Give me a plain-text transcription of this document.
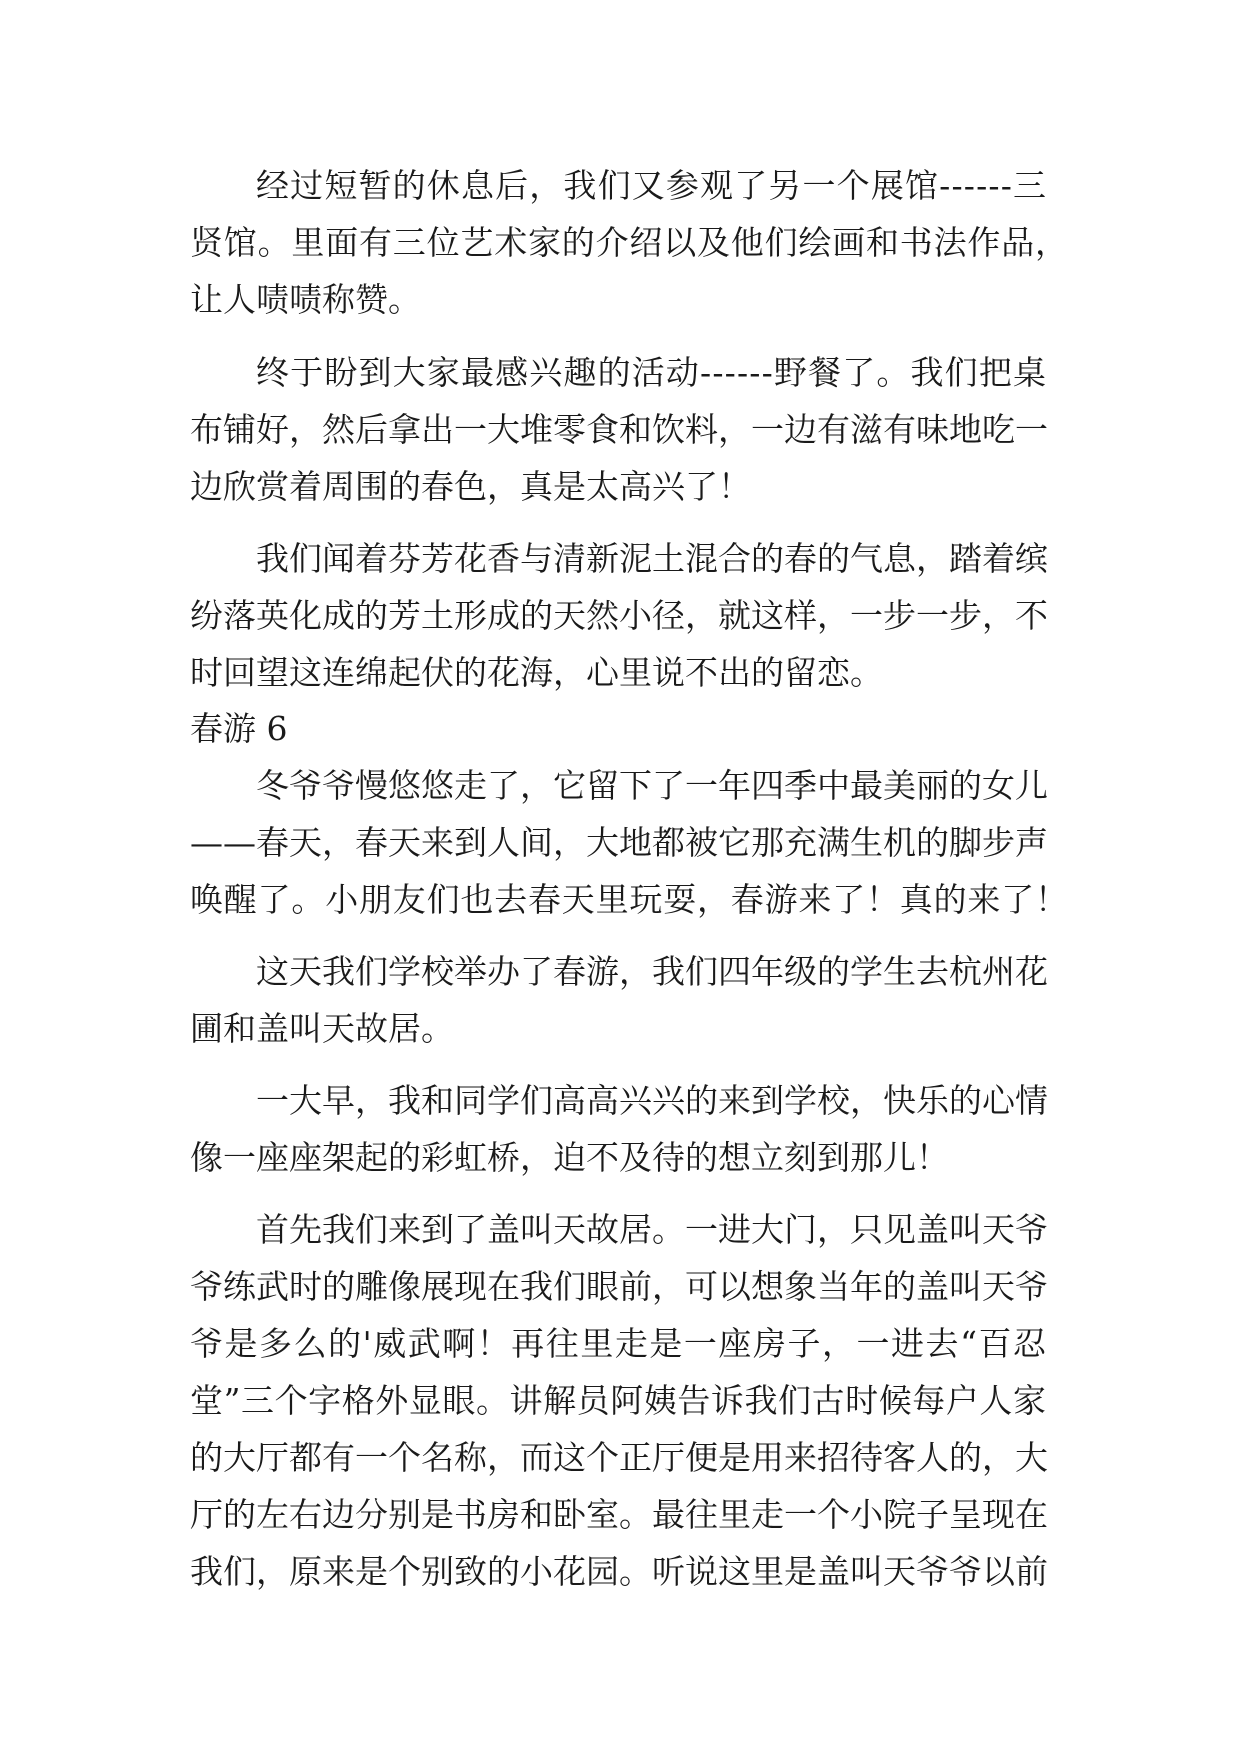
经过短暂的休息后，我们又参观了另一个展馆------三
贤馆。里面有三位艺术家的介绍以及他们绘画和书法作品，
让人啧啧称赞。
终于盼到大家最感兴趣的活动------野餐了。我们把桌
布铺好，然后拿出一大堆零食和饮料，一边有滋有味地吃一
边欣赏着周围的春色，真是太高兴了！
我们闻着芬芳花香与清新泥土混合的春的气息，踏着缤
纷落英化成的芳土形成的天然小径，就这样，一步一步，不
时回望这连绵起伏的花海，心里说不出的留恋。
春游 6
冬爷爷慢悠悠走了，它留下了一年四季中最美丽的女儿
——春天，春天来到人间，大地都被它那充满生机的脚步声
唤醒了。小朋友们也去春天里玩耍，春游来了！真的来了！
这天我们学校举办了春游，我们四年级的学生去杭州花
圃和盖叫天故居。
一大早，我和同学们高高兴兴的来到学校，快乐的心情
像一座座架起的彩虹桥，迫不及待的想立刻到那儿！
首先我们来到了盖叫天故居。一进大门，只见盖叫天爷
爷练武时的雕像展现在我们眼前，可以想象当年的盖叫天爷
爷是多么的'威武啊！再往里走是一座房子，一进去“百忍
堂”三个字格外显眼。讲解员阿姨告诉我们古时候每户人家
的大厅都有一个名称，而这个正厅便是用来招待客人的，大
厅的左右边分别是书房和卧室。最往里走一个小院子呈现在
我们，原来是个别致的小花园。听说这里是盖叫天爷爷以前
